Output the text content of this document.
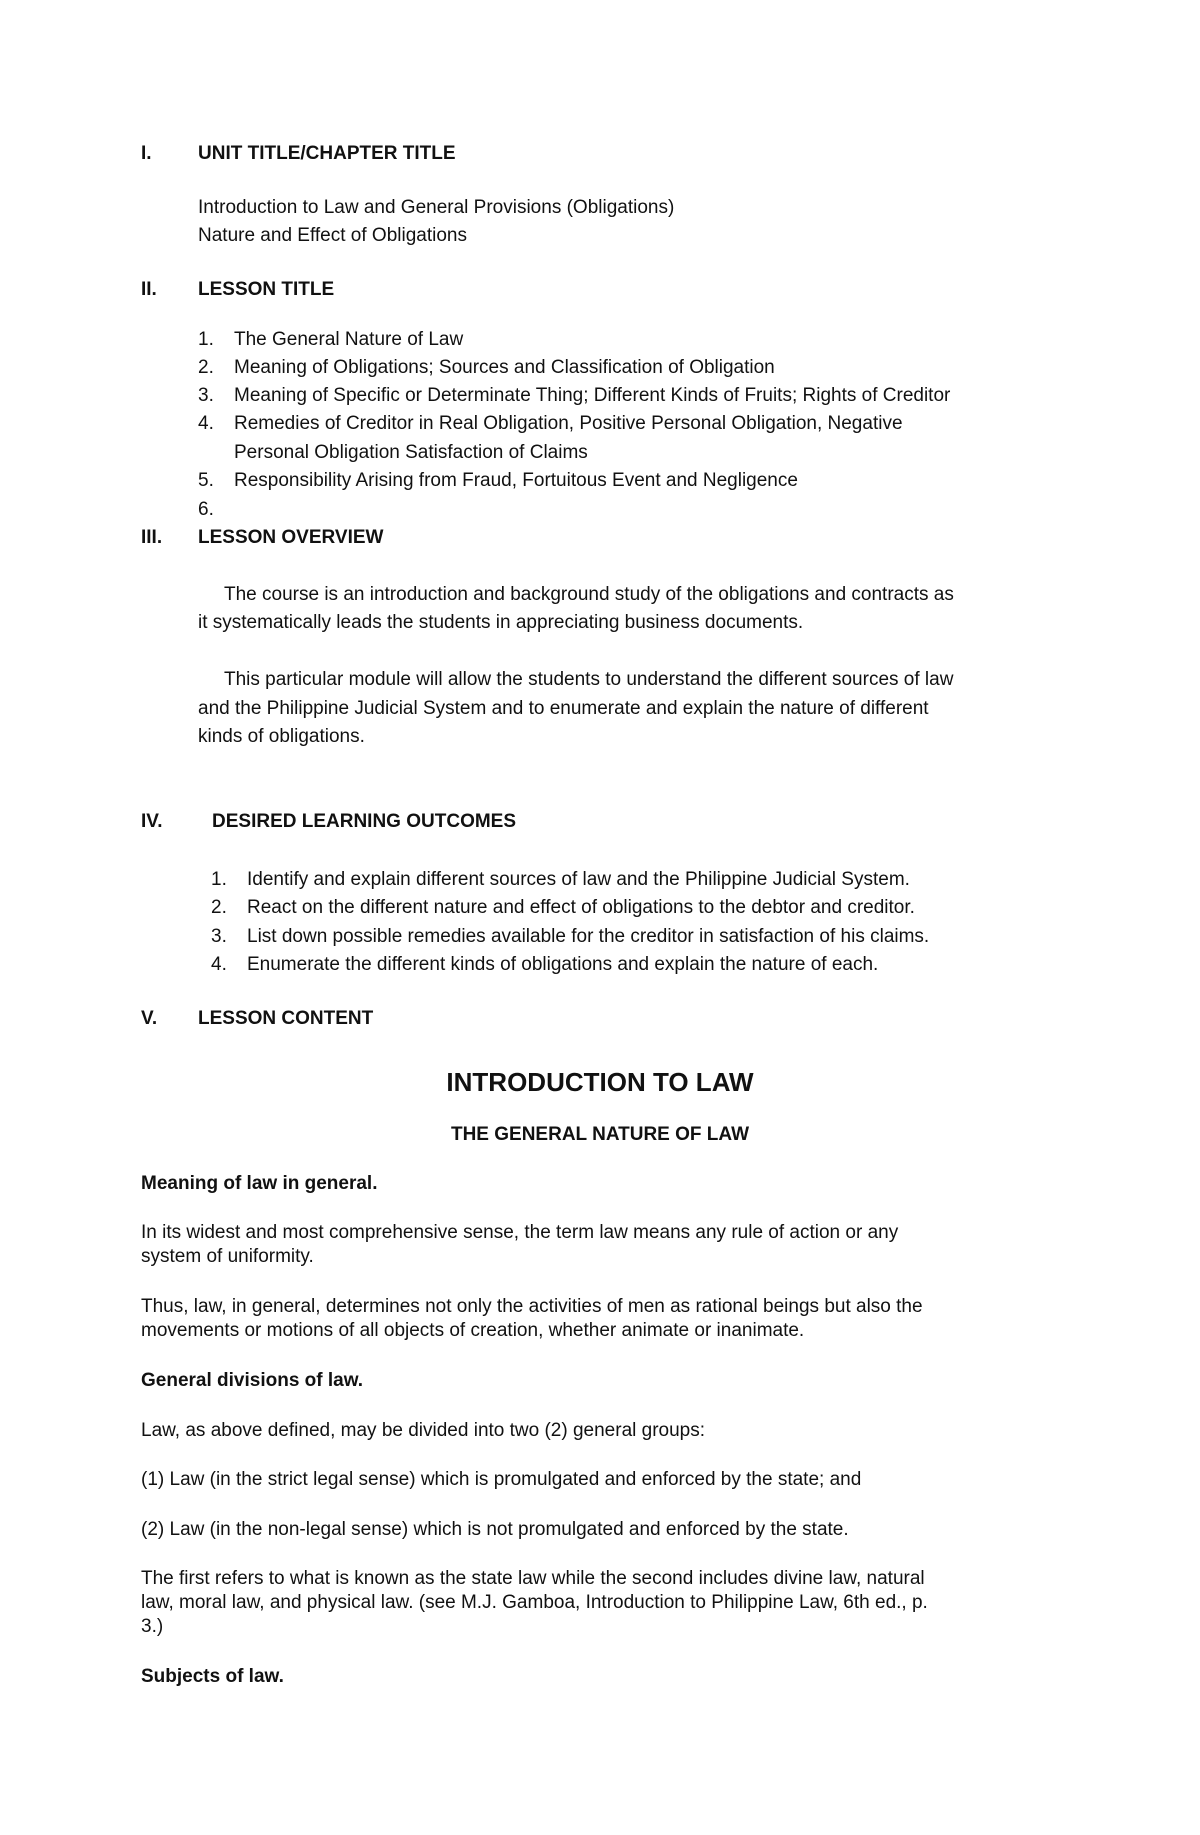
I. UNIT TITLE/CHAPTER TITLE
Introduction to Law and General Provisions (Obligations)
Nature and Effect of Obligations
II. LESSON TITLE
1. The General Nature of Law
2. Meaning of Obligations; Sources and Classification of Obligation
3. Meaning of Specific or Determinate Thing; Different Kinds of Fruits; Rights of Creditor
4. Remedies of Creditor in Real Obligation, Positive Personal Obligation, Negative
Personal Obligation Satisfaction of Claims
5. Responsibility Arising from Fraud, Fortuitous Event and Negligence
6.
III. LESSON OVERVIEW
The course is an introduction and background study of the obligations and contracts as
it systematically leads the students in appreciating business documents.
This particular module will allow the students to understand the different sources of law
and the Philippine Judicial System and to enumerate and explain the nature of different
kinds of obligations.
IV.	DESIRED LEARNING OUTCOMES
1. Identify and explain different sources of law and the Philippine Judicial System.
2. React on the different nature and effect of obligations to the debtor and creditor.
3. List down possible remedies available for the creditor in satisfaction of his claims.
4. Enumerate the different kinds of obligations and explain the nature of each.
V. LESSON CONTENT
INTRODUCTION TO LAW
THE GENERAL NATURE OF LAW
Meaning of law in general.
In its widest and most comprehensive sense, the term law means any rule of action or any
system of uniformity.
Thus, law, in general, determines not only the activities of men as rational beings but also the
movements or motions of all objects of creation, whether animate or inanimate.
General divisions of law.
Law, as above defined, may be divided into two (2) general groups:
(1) Law (in the strict legal sense) which is promulgated and enforced by the state; and
(2) Law (in the non-legal sense) which is not promulgated and enforced by the state.
The first refers to what is known as the state law while the second includes divine law, natural
law, moral law, and physical law. (see M.J. Gamboa, Introduction to Philippine Law, 6th ed., p.
3.)
Subjects of law.
